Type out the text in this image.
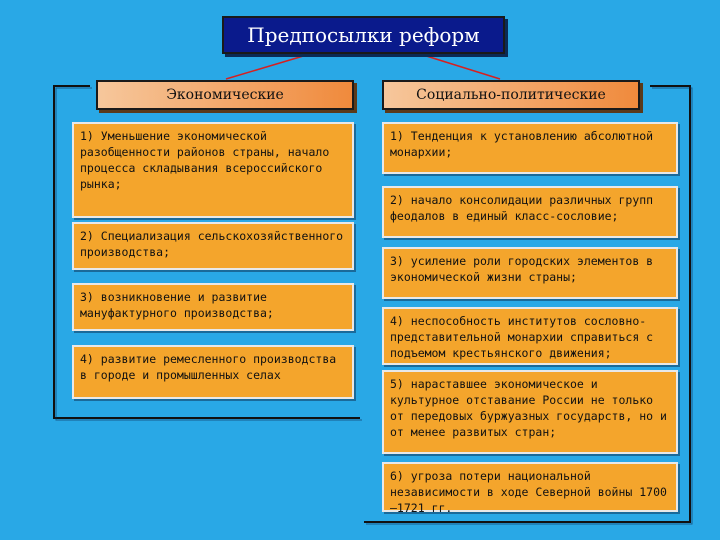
Предпосылки реформ
Экономические	Социально-политические
1) Уменьшение экономической разобщенности районов страны, начало процесса складывания всероссийского рынка;
2) Специализация сельскохозяйственного производства;
3) возникновение и развитие мануфактурного производства;
4) развитие ремесленного производства в городе и промышленных селах
1) Тенденция к установлению абсолютной монархии;
2) начало консолидации различных групп феодалов в единый класс-сословие;
3) усиление роли городских элементов в экономической жизни страны;
4) неспособность институтов сословно-представительной монархии справиться с подъемом крестьянского движения;
5) нараставшее экономическое и культурное отставание России не только от передовых буржуазных государств, но и от менее развитых стран;
6) угроза потери национальной независимости в ходе Северной войны 1700—1721 гг.
